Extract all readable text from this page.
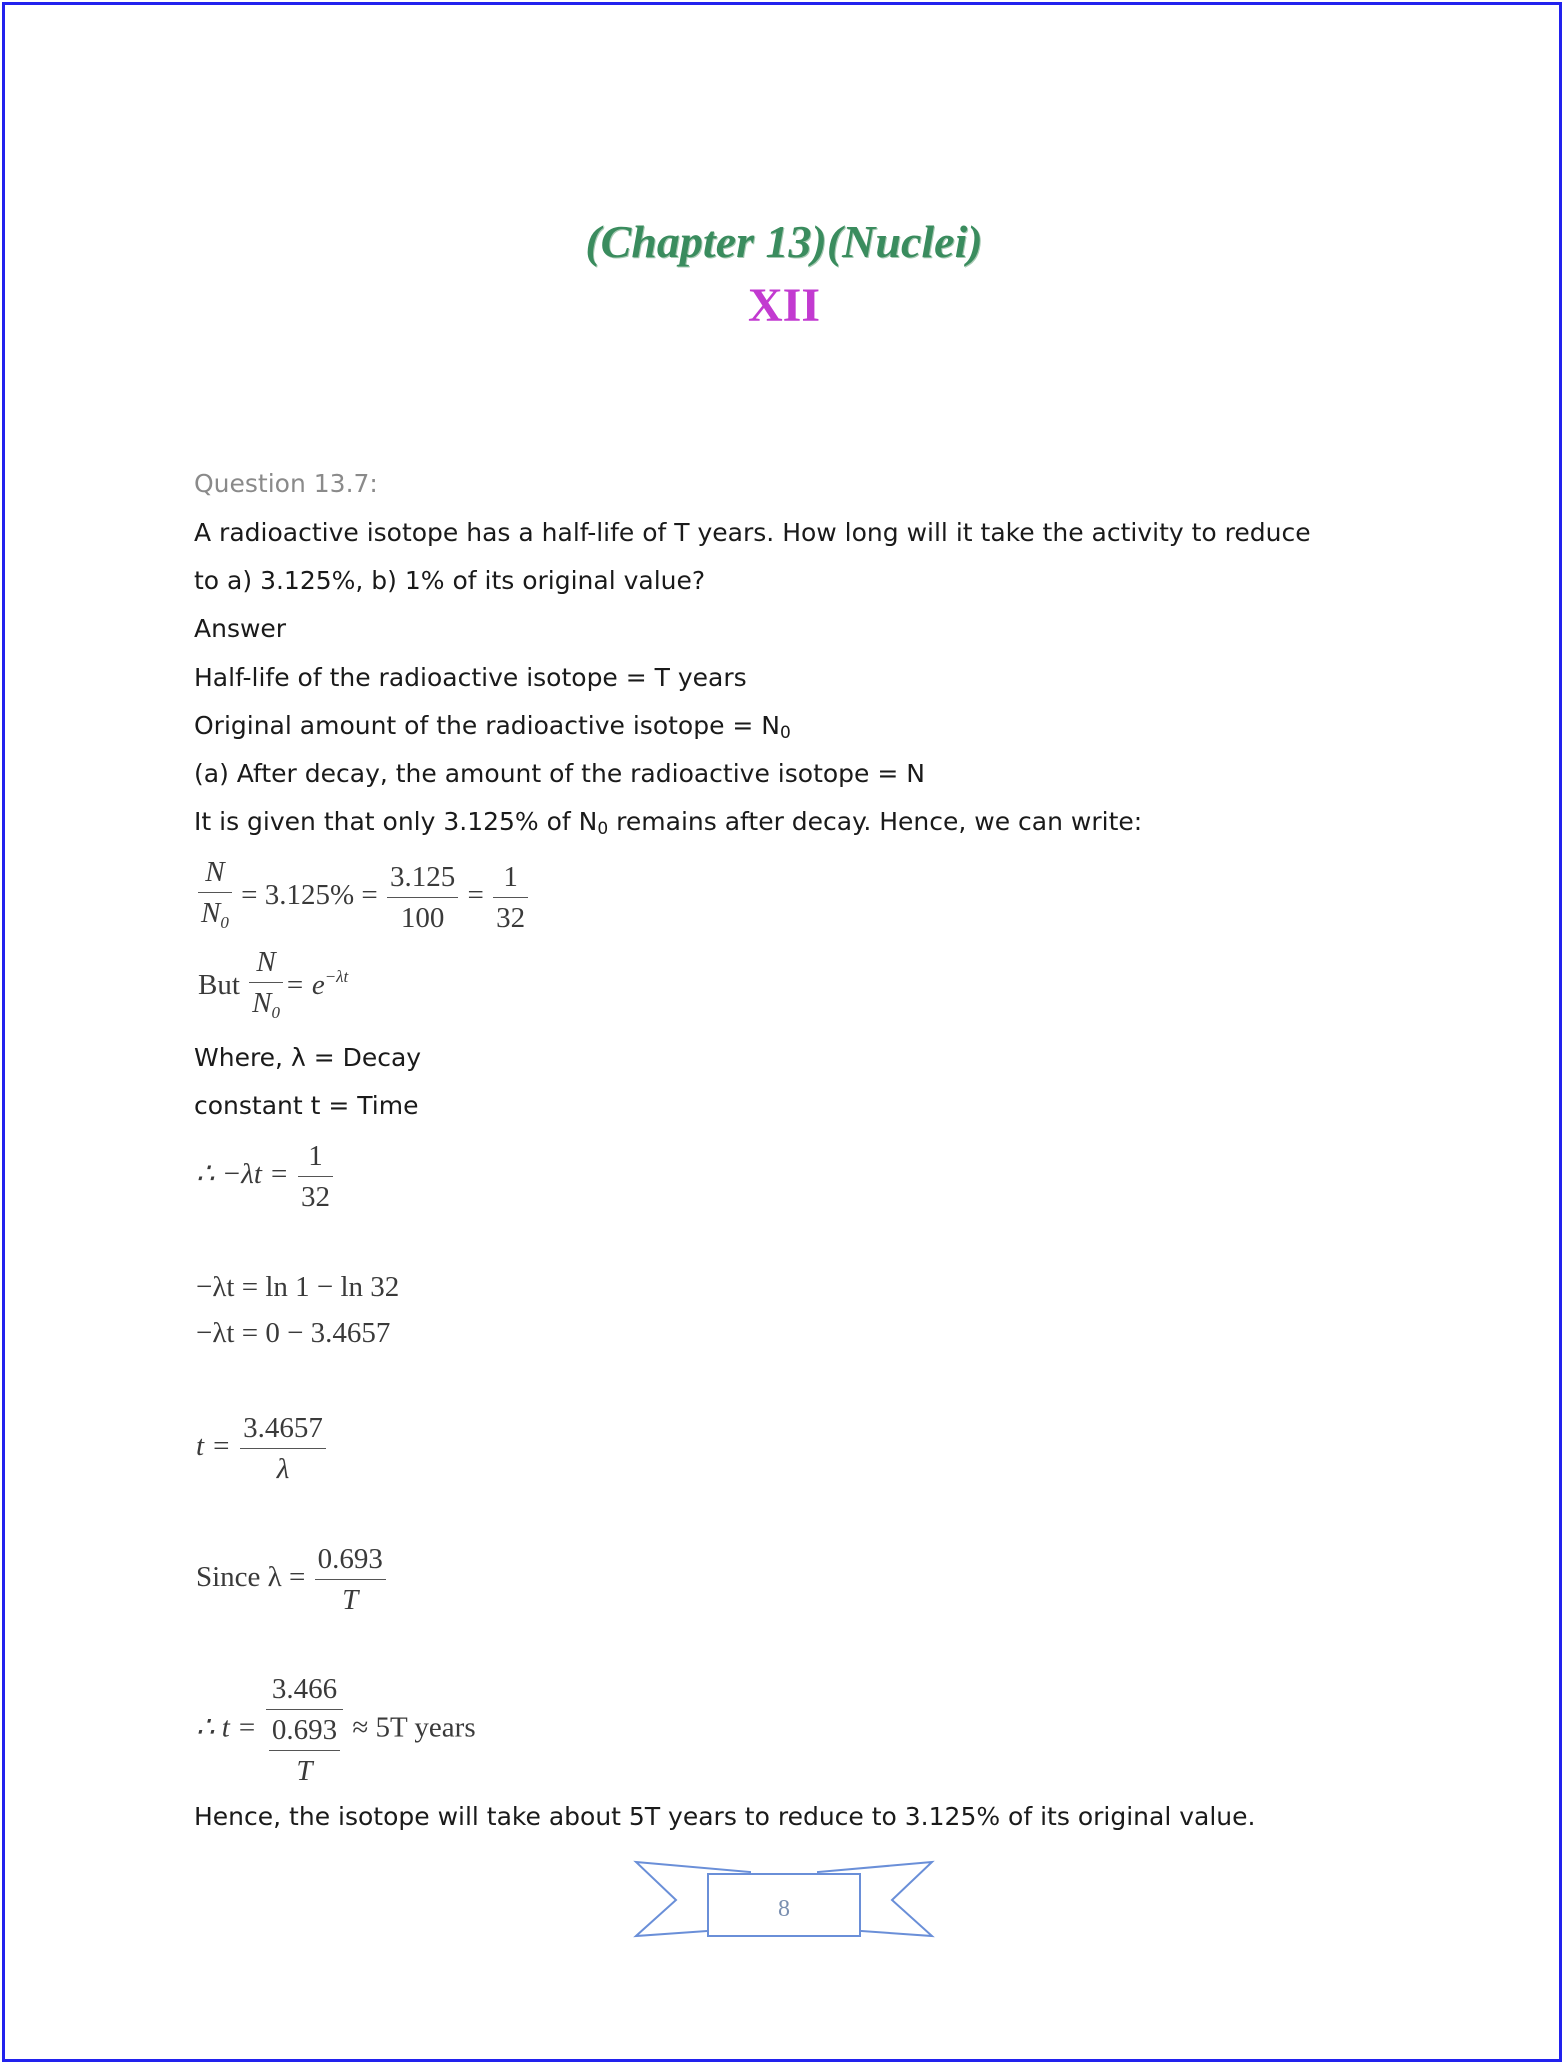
(Chapter 13)(Nuclei)
XII
Question 13.7:
A radioactive isotope has a half-life of T years. How long will it take the activity to reduce
to a) 3.125%, b) 1% of its original value?
Answer
Half-life of the radioactive isotope = T years
Original amount of the radioactive isotope = $N_0$
(a) After decay, the amount of the radioactive isotope = N
It is given that only 3.125% of $N_0$ remains after decay. Hence, we can write:
$\frac{N}{N_0} = 3.125\% = \frac{3.125}{100} = \frac{1}{32}$
But $\frac{N}{N_0} = e^{-\lambda t}$
Where, λ = Decay
constant t = Time
∴ $-\lambda t = \frac{1}{32}$
−λt = ln 1 − ln 32
−λt = 0 − 3.4657
$t = \frac{3.4657}{\lambda}$
Since $\lambda = \frac{0.693}{T}$
∴ $t = \frac{3.466}{\frac{0.693}{T}} \approx 5T$ years
Hence, the isotope will take about 5T years to reduce to 3.125% of its original value.
8
